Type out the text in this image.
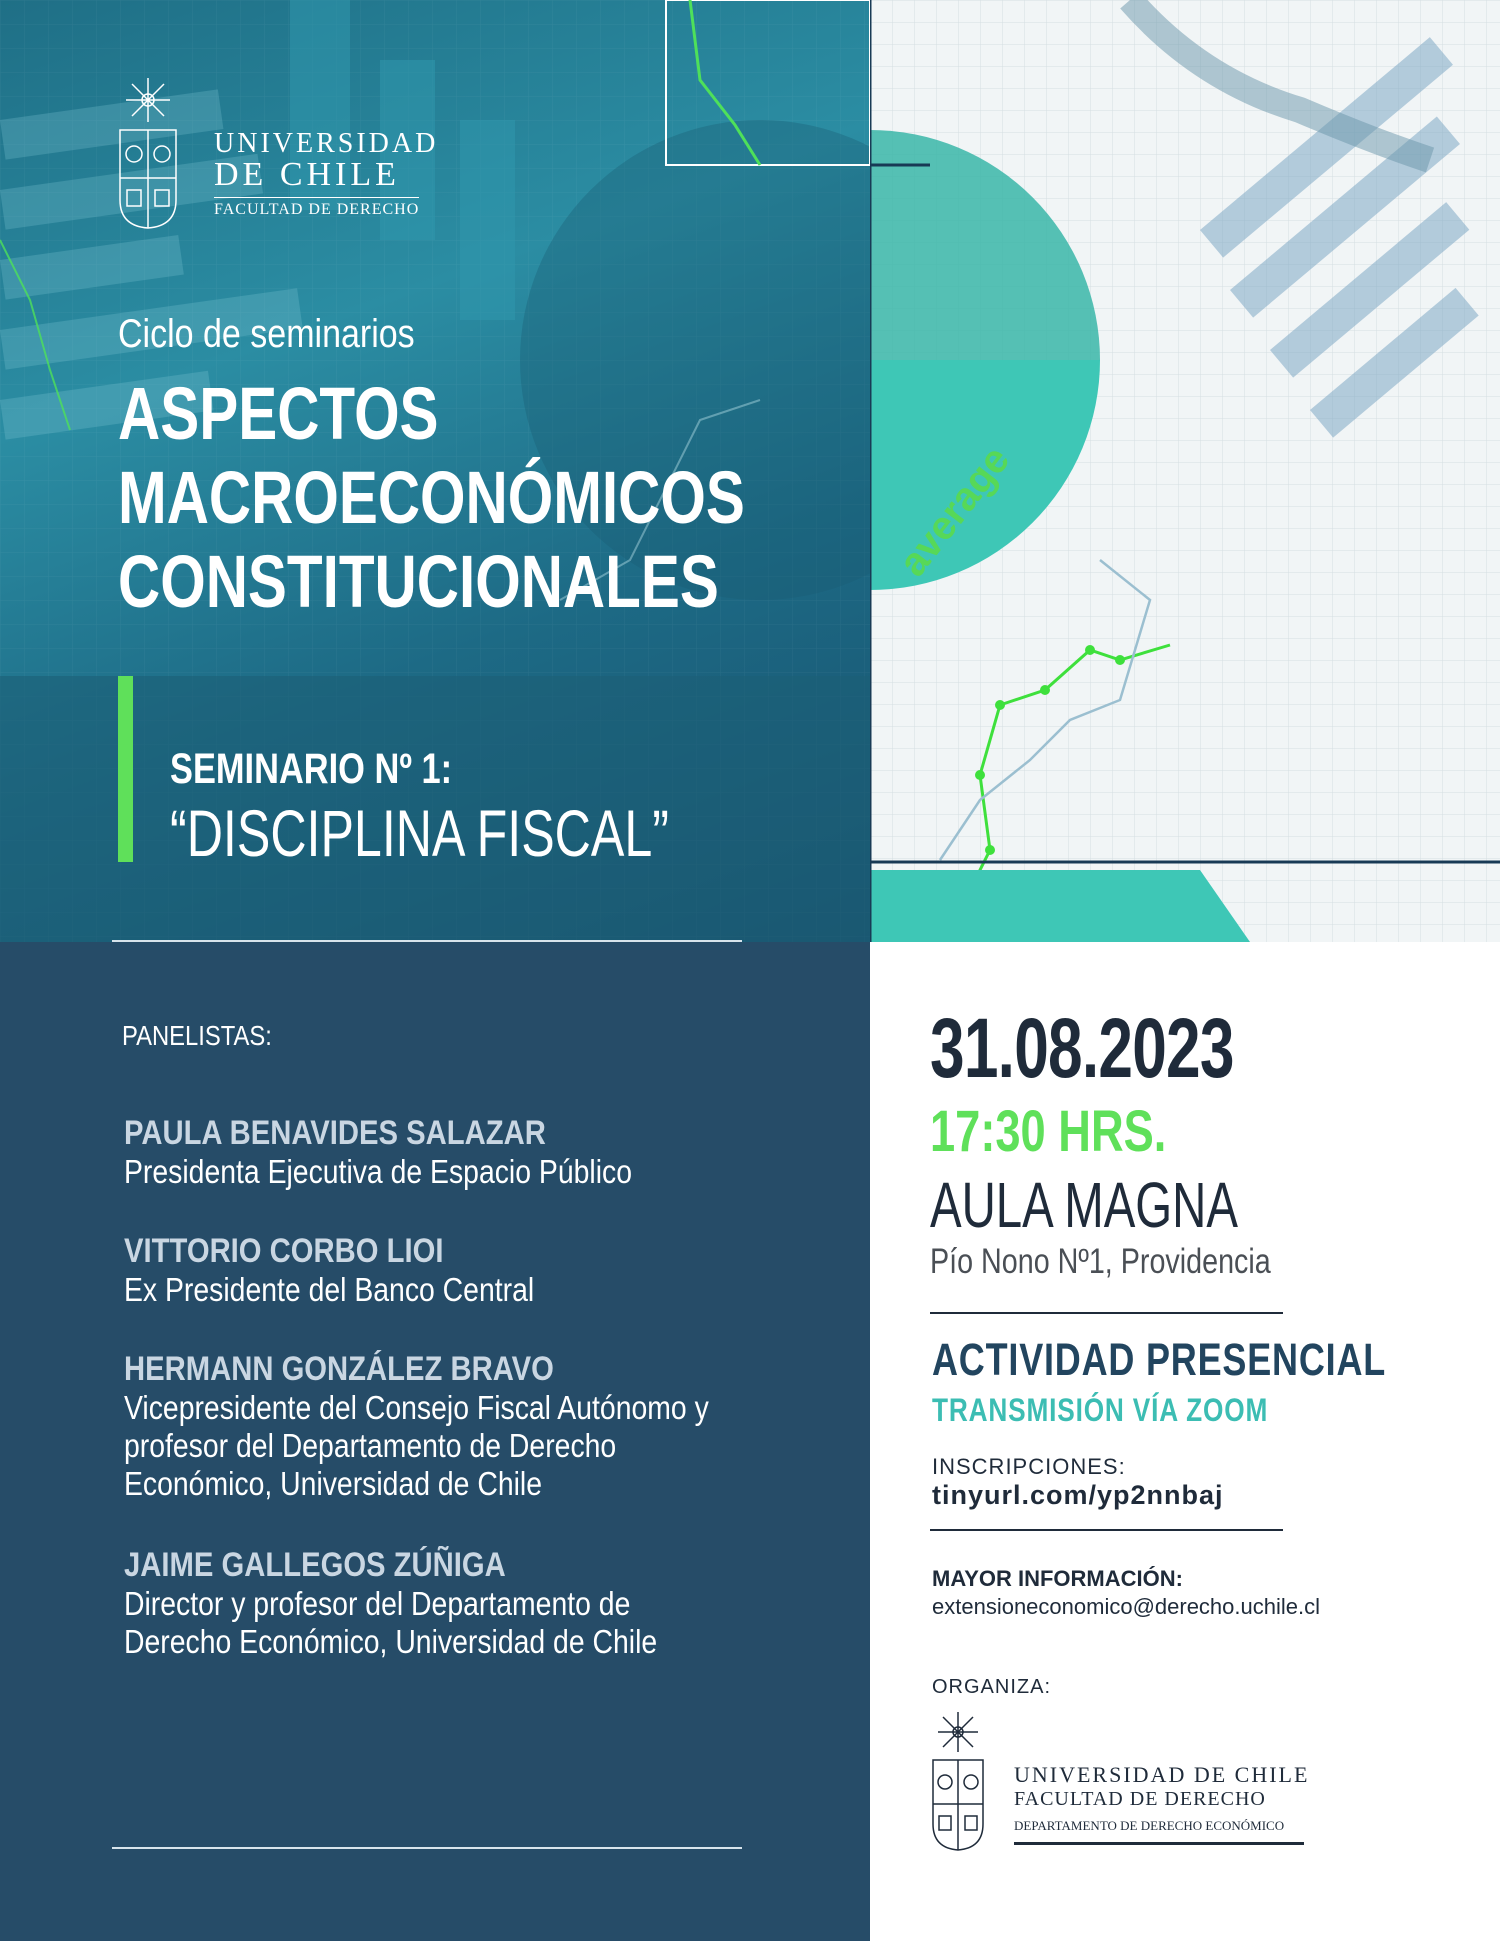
UNIVERSIDAD
DE CHILE
FACULTAD DE DERECHO
Ciclo de seminarios
ASPECTOS
MACROECONÓMICOS
CONSTITUCIONALES
SEMINARIO Nº 1:
“DISCIPLINA FISCAL”
average
PANELISTAS:
PAULA BENAVIDES SALAZAR
Presidenta Ejecutiva de Espacio Público
VITTORIO CORBO LIOI
Ex Presidente del Banco Central
HERMANN GONZÁLEZ BRAVO
Vicepresidente del Consejo Fiscal Autónomo y
profesor del Departamento de Derecho
Económico, Universidad de Chile
JAIME GALLEGOS ZÚÑIGA
Director y profesor del Departamento de
Derecho Económico, Universidad de Chile
31.08.2023
17:30 HRS.
AULA MAGNA
Pío Nono Nº1, Providencia
ACTIVIDAD PRESENCIAL
TRANSMISIÓN VÍA ZOOM
INSCRIPCIONES:
tinyurl.com/yp2nnbaj
MAYOR INFORMACIÓN:
extensioneconomico@derecho.uchile.cl
ORGANIZA:
UNIVERSIDAD DE CHILE
FACULTAD DE DERECHO
DEPARTAMENTO DE DERECHO ECONÓMICO
